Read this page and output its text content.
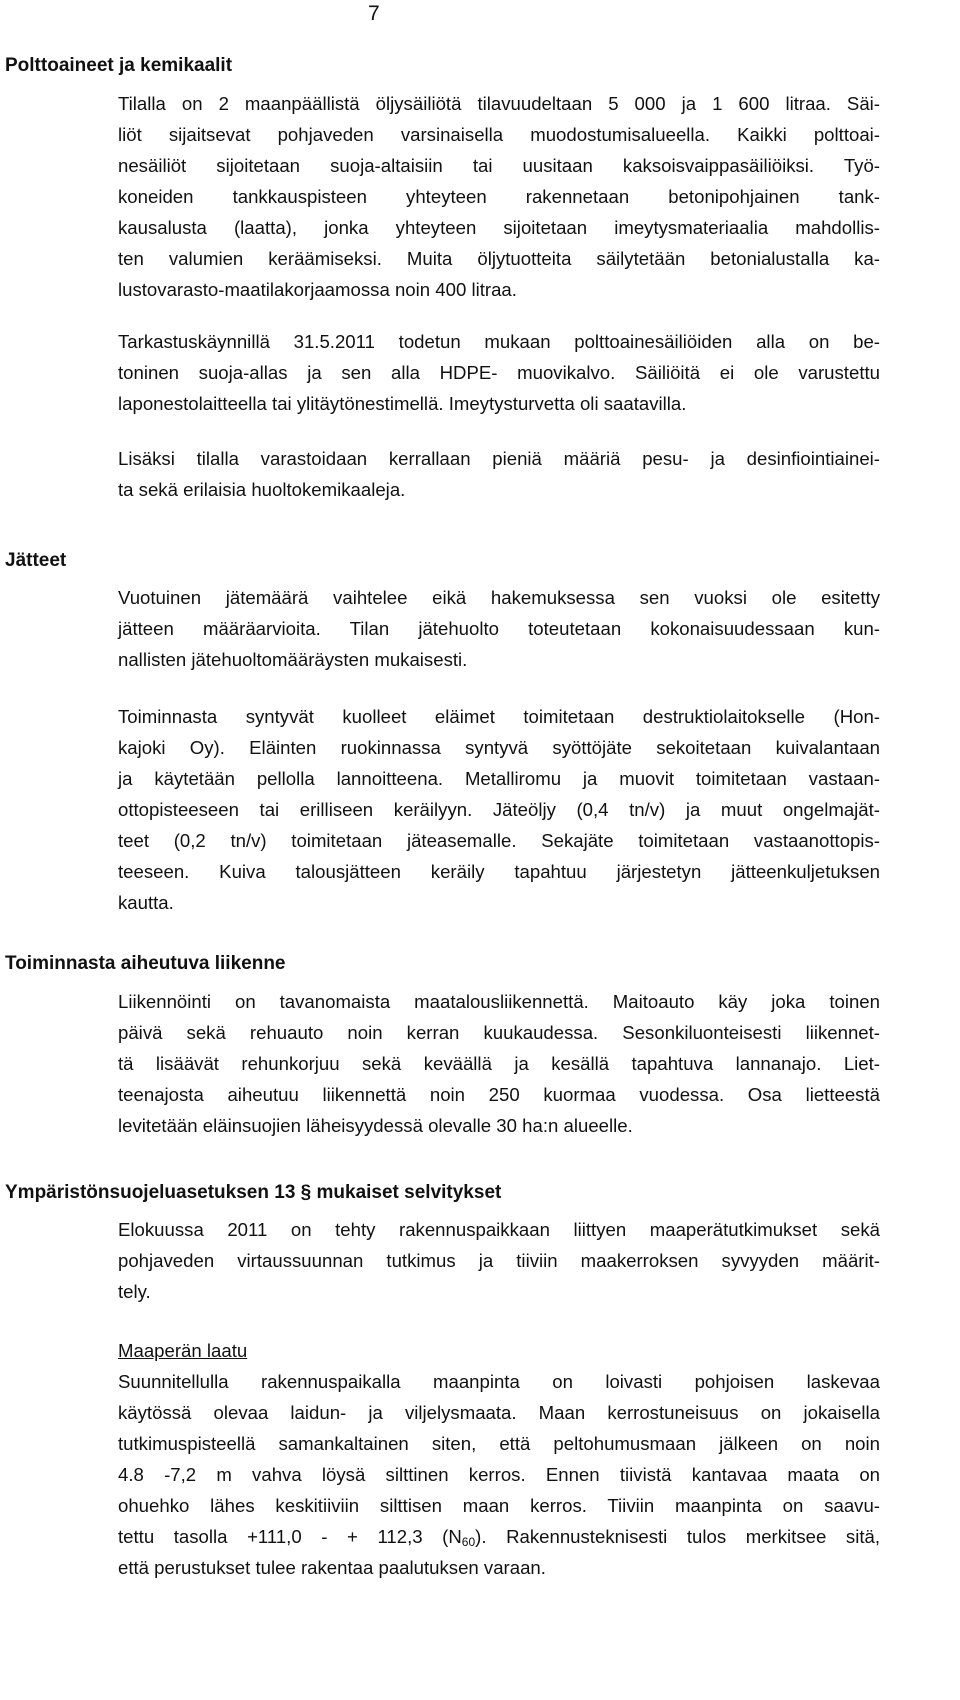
7
Polttoaineet ja kemikaalit
Tilalla on 2 maanpäällistä öljysäiliötä tilavuudeltaan 5 000 ja 1 600 litraa. Säi-
liöt sijaitsevat pohjaveden varsinaisella muodostumisalueella. Kaikki polttoai-
nesäiliöt sijoitetaan suoja-altaisiin tai uusitaan kaksoisvaippasäiliöiksi. Työ-
koneiden tankkauspisteen yhteyteen rakennetaan betonipohjainen tank-
kausalusta (laatta), jonka yhteyteen sijoitetaan imeytysmateriaalia mahdollis-
ten valumien keräämiseksi. Muita öljytuotteita säilytetään betonialustalla ka-
lustovarasto-maatilakorjaamossa noin 400 litraa.
Tarkastuskäynnillä 31.5.2011 todetun mukaan polttoainesäiliöiden alla on be-
toninen suoja-allas ja sen alla HDPE- muovikalvo. Säiliöitä ei ole varustettu
laponestolaitteella tai ylitäytönestimellä. Imeytysturvetta oli saatavilla.
Lisäksi tilalla varastoidaan kerrallaan pieniä määriä pesu- ja desinfiointiainei-
ta sekä erilaisia huoltokemikaaleja.
Jätteet
Vuotuinen jätemäärä vaihtelee eikä hakemuksessa sen vuoksi ole esitetty
jätteen määräarvioita. Tilan jätehuolto toteutetaan kokonaisuudessaan kun-
nallisten jätehuoltomääräysten mukaisesti.
Toiminnasta syntyvät kuolleet eläimet toimitetaan destruktiolaitokselle (Hon-
kajoki Oy). Eläinten ruokinnassa syntyvä syöttöjäte sekoitetaan kuivalantaan
ja käytetään pellolla lannoitteena. Metalliromu ja muovit toimitetaan vastaan-
ottopisteeseen tai erilliseen keräilyyn. Jäteöljy (0,4 tn/v) ja muut ongelmajät-
teet (0,2 tn/v) toimitetaan jäteasemalle. Sekajäte toimitetaan vastaanottopis-
teeseen. Kuiva talousjätteen keräily tapahtuu järjestetyn jätteenkuljetuksen
kautta.
Toiminnasta aiheutuva liikenne
Liikennöinti on tavanomaista maatalousliikennettä. Maitoauto käy joka toinen
päivä sekä rehuauto noin kerran kuukaudessa. Sesonkiluonteisesti liikennet-
tä lisäävät rehunkorjuu sekä keväällä ja kesällä tapahtuva lannanajo. Liet-
teenajosta aiheutuu liikennettä noin 250 kuormaa vuodessa. Osa lietteestä
levitetään eläinsuojien läheisyydessä olevalle 30 ha:n alueelle.
Ympäristönsuojeluasetuksen 13 § mukaiset selvitykset
Elokuussa 2011 on tehty rakennuspaikkaan liittyen maaperätutkimukset sekä
pohjaveden virtaussuunnan tutkimus ja tiiviin maakerroksen syvyyden määrit-
tely.
Maaperän laatu
Suunnitellulla rakennuspaikalla maanpinta on loivasti pohjoisen laskevaa
käytössä olevaa laidun- ja viljelysmaata. Maan kerrostuneisuus on jokaisella
tutkimuspisteellä samankaltainen siten, että peltohumusmaan jälkeen on noin
4.8 -7,2 m vahva löysä silttinen kerros. Ennen tiivistä kantavaa maata on
ohuehko lähes keskitiiviin silttisen maan kerros. Tiiviin maanpinta on saavu-
tettu tasolla +111,0 - + 112,3 $(N_{60})$. Rakennusteknisesti tulos merkitsee sitä,
että perustukset tulee rakentaa paalutuksen varaan.
